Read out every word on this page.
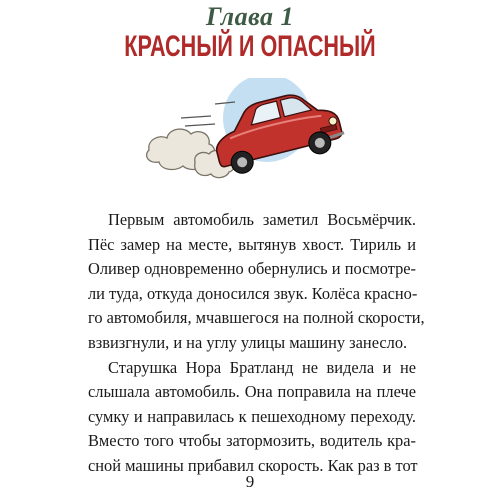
Глава 1
КРАСНЫЙ И ОПАСНЫЙ
Первым автомобиль заметил Восьмёрчик.
Пёс замер на месте, вытянув хвост. Тириль и
Оливер одновременно обернулись и посмотре-
ли туда, откуда доносился звук. Колёса красно-
го автомобиля, мчавшегося на полной скорости,
взвизгнули, и на углу улицы машину занесло.
Старушка Нора Братланд не видела и не
слышала автомобиль. Она поправила на плече
сумку и направилась к пешеходному переходу.
Вместо того чтобы затормозить, водитель кра-
сной машины прибавил скорость. Как раз в тот
9
